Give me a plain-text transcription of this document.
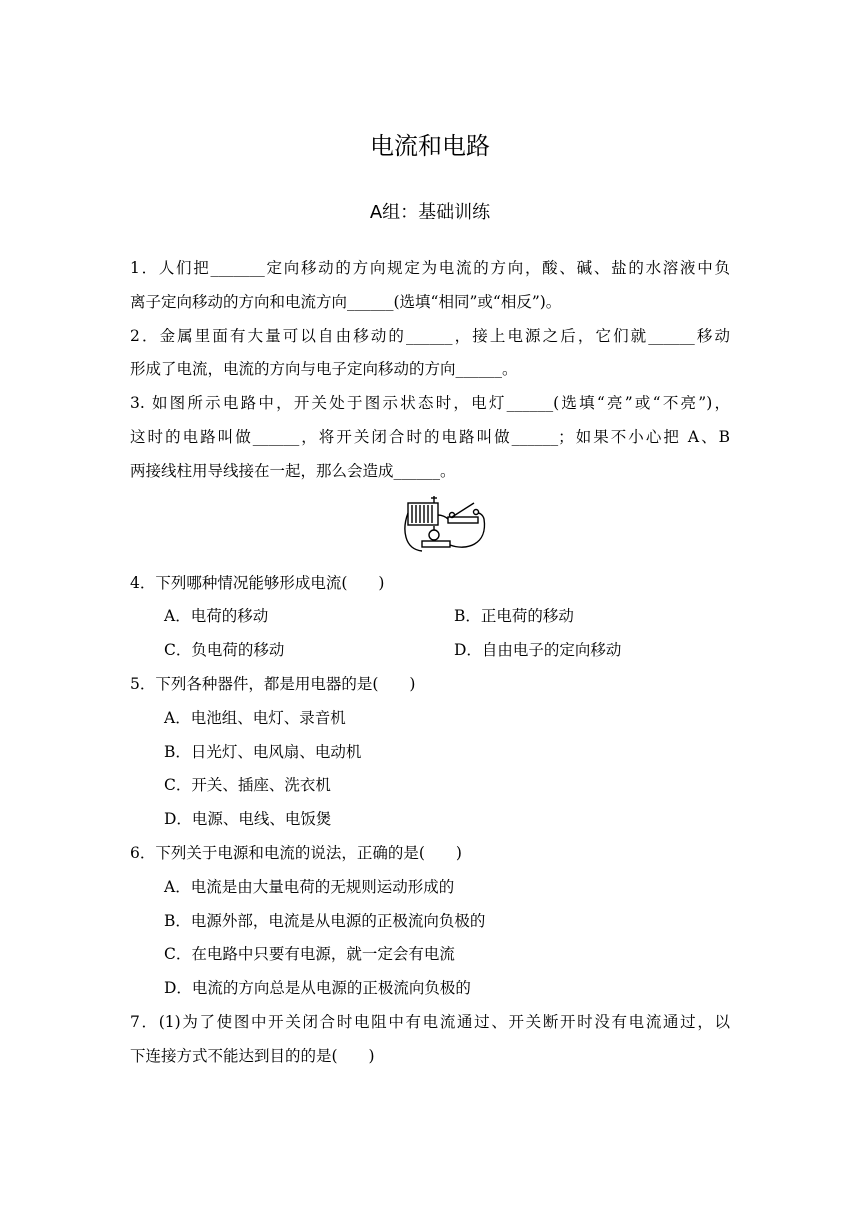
电流和电路
A组：基础训练
1．人们把_______定向移动的方向规定为电流的方向，酸、碱、盐的水溶液中负
离子定向移动的方向和电流方向______(选填“相同”或“相反”)。
2．金属里面有大量可以自由移动的______，接上电源之后，它们就______移动
形成了电流，电流的方向与电子定向移动的方向______。
3. 如图所示电路中，开关处于图示状态时，电灯______(选填“亮”或“不亮”)，
这时的电路叫做______，将开关闭合时的电路叫做______；如果不小心把 A、B
两接线柱用导线接在一起，那么会造成______。
4．下列哪种情况能够形成电流(　　)
A．电荷的移动	B．正电荷的移动
C．负电荷的移动	D．自由电子的定向移动
5．下列各种器件，都是用电器的是(　　)
A．电池组、电灯、录音机
B．日光灯、电风扇、电动机
C．开关、插座、洗衣机
D．电源、电线、电饭煲
6．下列关于电源和电流的说法，正确的是(　　)
A．电流是由大量电荷的无规则运动形成的
B．电源外部，电流是从电源的正极流向负极的
C．在电路中只要有电源，就一定会有电流
D．电流的方向总是从电源的正极流向负极的
7．(1)为了使图中开关闭合时电阻中有电流通过、开关断开时没有电流通过，以
下连接方式不能达到目的的是(　　)
